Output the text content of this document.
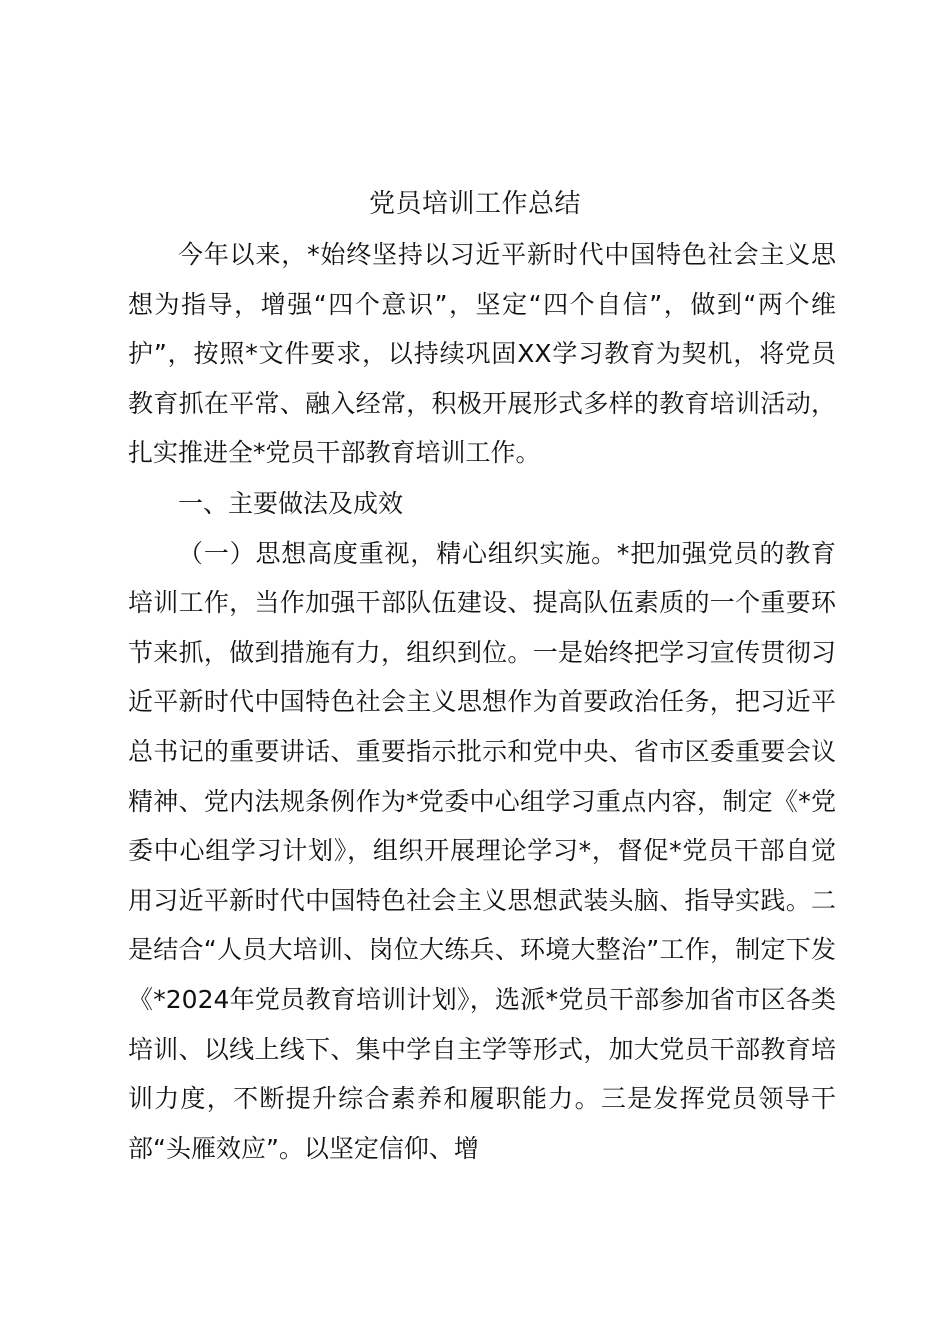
党员培训工作总结

今年以来，*始终坚持以习近平新时代中国特色社会主义思想为指导，增强“四个意识”，坚定“四个自信”，做到“两个维护”，按照*文件要求，以持续巩固XX学习教育为契机，将党员教育抓在平常、融入经常，积极开展形式多样的教育培训活动，扎实推进全*党员干部教育培训工作。

一、主要做法及成效

（一）思想高度重视，精心组织实施。*把加强党员的教育培训工作，当作加强干部队伍建设、提高队伍素质的一个重要环节来抓，做到措施有力，组织到位。一是始终把学习宣传贯彻习近平新时代中国特色社会主义思想作为首要政治任务，把习近平总书记的重要讲话、重要指示批示和党中央、省市区委重要会议精神、党内法规条例作为*党委中心组学习重点内容，制定《*党委中心组学习计划》，组织开展理论学习*，督促*党员干部自觉用习近平新时代中国特色社会主义思想武装头脑、指导实践。二是结合“人员大培训、岗位大练兵、环境大整治”工作，制定下发《*2024年党员教育培训计划》，选派*党员干部参加省市区各类培训、以线上线下、集中学自主学等形式，加大党员干部教育培训力度，不断提升综合素养和履职能力。三是发挥党员领导干部“头雁效应”。以坚定信仰、增
